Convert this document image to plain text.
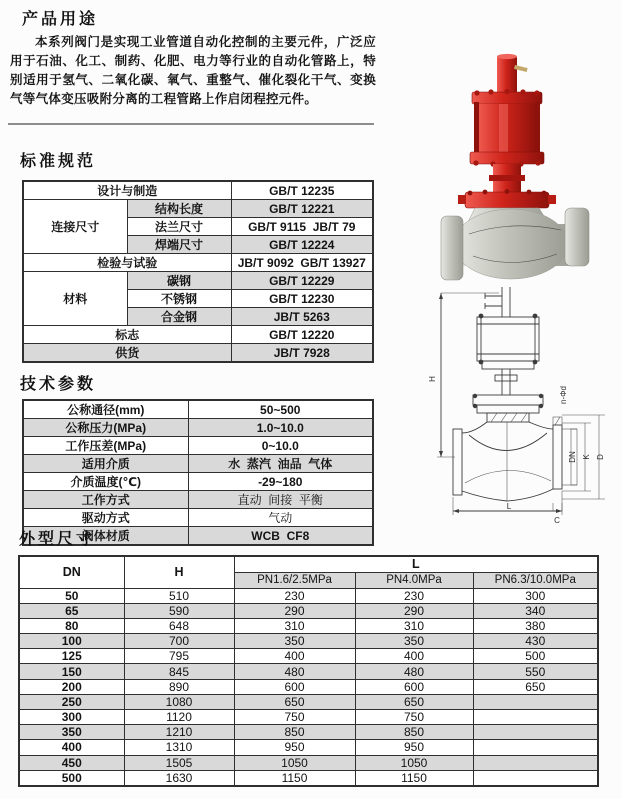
产品用途

本系列阀门是实现工业管道自动化控制的主要元件，广泛应用于石油、化工、制药、化肥、电力等行业的自动化管路上，特别适用于氢气、二氧化碳、氧气、重整气、催化裂化干气、变换气等气体变压吸附分离的工程管路上作启闭程控元件。

标准规范
设计与制造		GB/T 12235
连接尺寸	结构长度	GB/T 12221
	法兰尺寸	GB/T 9115  JB/T 79
	焊端尺寸	GB/T 12224
检验与试验		JB/T 9092  GB/T 13927
材料	碳钢	GB/T 12229
	不锈钢	GB/T 12230
	合金钢	JB/T 5263
标志		GB/T 12220
供货		JB/T 7928
技术参数
公称通径(mm)	50~500
公称压力(MPa)	1.0~10.0
工作压差(MPa)	0~10.0
适用介质	水  蒸汽  油品  气体
介质温度(℃)	-29~180
工作方式	直动  间接  平衡
驱动方式	气动
阀体材质	WCB  CF8
外型尺寸
DN	H	L		
		PN1.6/2.5MPa	PN4.0MPa	PN6.3/10.0MPa
50	510	230	230	300
65	590	290	290	340
80	648	310	310	380
100	700	350	350	430
125	795	400	400	500
150	845	480	480	550
200	890	600	600	650
250	1080	650	650	
300	1120	750	750	
350	1210	850	850	
400	1310	950	950	
450	1505	1050	1050	
500	1630	1150	1150	
H
L
DN K D
n-Φd
C
